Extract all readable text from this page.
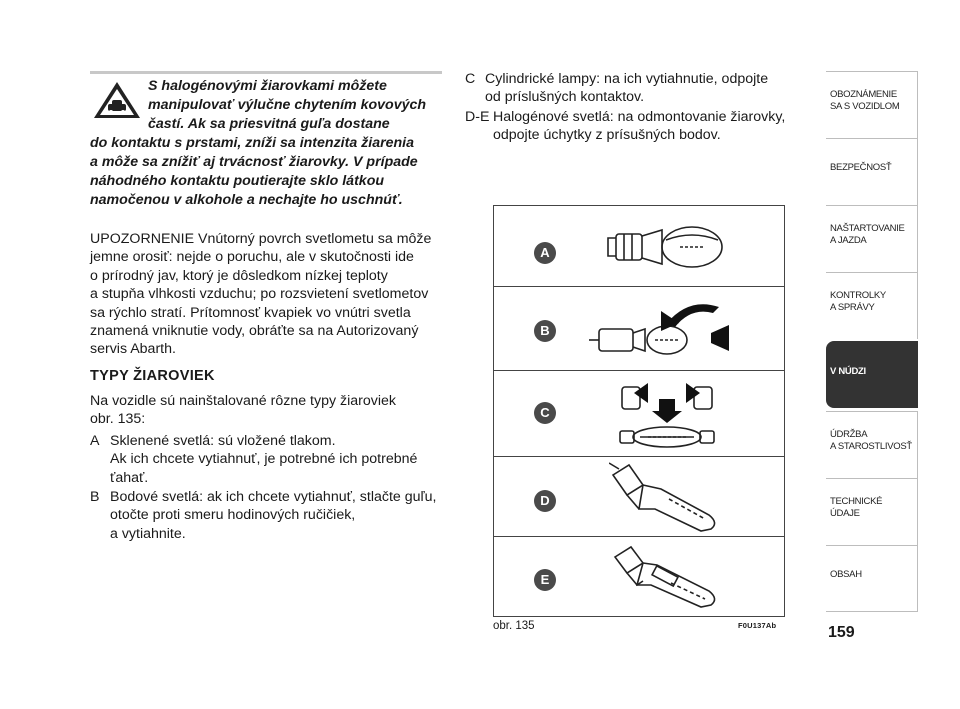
S halogénovými žiarovkami môžete
manipulovať výlučne chytením kovových
častí. Ak sa priesvitná guľa dostane
do kontaktu s prstami, zníži sa intenzita žiarenia
a môže sa znížiť aj trvácnosť žiarovky. V prípade
náhodného kontaktu poutierajte sklo látkou
namočenou v alkohole a nechajte ho uschnúť.
UPOZORNENIE Vnútorný povrch svetlometu sa môže
jemne orosiť: nejde o poruchu, ale v skutočnosti ide
o prírodný jav, ktorý je dôsledkom nízkej teploty
a stupňa vlhkosti vzduchu; po rozsvietení svetlometov
sa rýchlo stratí. Prítomnosť kvapiek vo vnútri svetla
znamená vniknutie vody, obráťte sa na Autorizovaný
servis Abarth.
TYPY ŽIAROVIEK
Na vozidle sú nainštalované rôzne typy žiaroviek
obr. 135:
A Sklenené svetlá: sú vložené tlakom.
Ak ich chcete vytiahnuť, je potrebné ich potrebné
ťahať.
B Bodové svetlá: ak ich chcete vytiahnuť, stlačte guľu,
otočte proti smeru hodinových ručičiek,
a vytiahnite.
C Cylindrické lampy: na ich vytiahnutie, odpojte
od príslušných kontaktov.
D-E Halogénové svetlá: na odmontovanie žiarovky,
odpojte úchytky z prísušných bodov.
A
B
C
D
E
obr. 135	F0U137Ab
OBOZNÁMENIE
SA S VOZIDLOM
BEZPEČNOSŤ
NAŠTARTOVANIE
A JAZDA
KONTROLKY
A SPRÁVY
V NÚDZI
ÚDRŽBA
A STAROSTLIVOSŤ
TECHNICKÉ
ÚDAJE
OBSAH
159
